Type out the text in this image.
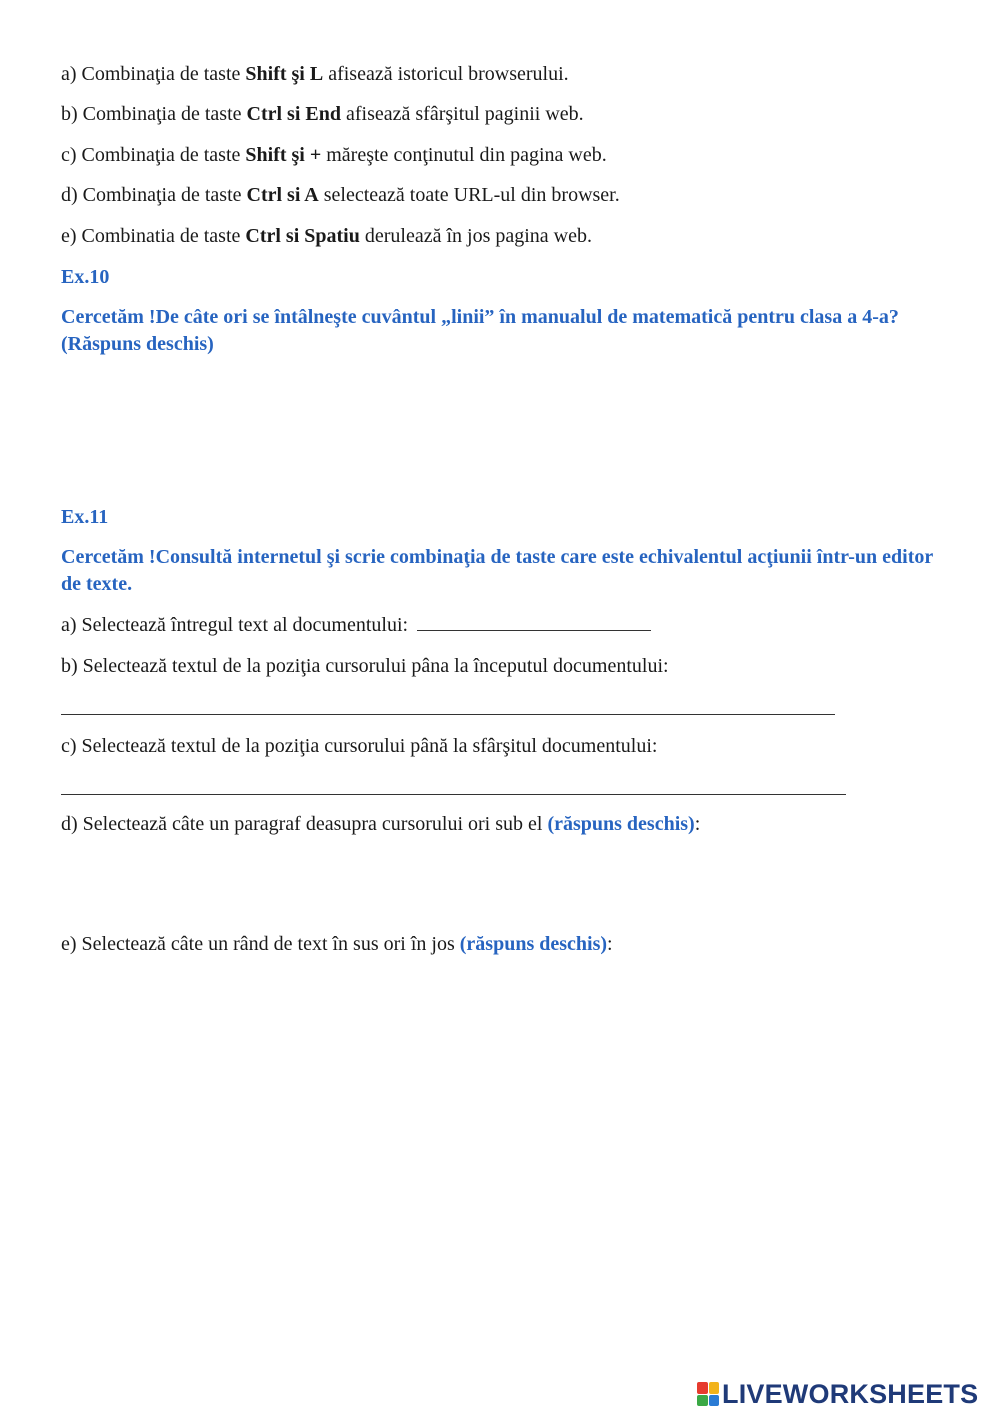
a) Combinaţia de taste Shift şi L afisează istoricul browserului.
b) Combinaţia de taste Ctrl si End afisează sfârşitul paginii web.
c) Combinaţia de taste Shift şi + măreşte conţinutul din pagina web.
d) Combinaţia de taste Ctrl si A selectează toate URL-ul din browser.
e) Combinatia de taste Ctrl si Spatiu derulează în jos pagina web.
Ex.10
Cercetăm !De câte ori se întâlneşte cuvântul „linii” în manualul de matematică pentru clasa a 4-a? (Răspuns deschis)
Ex.11
Cercetăm !Consultă internetul şi scrie combinaţia de taste care este echivalentul acţiunii într-un editor de texte.
a) Selectează întregul text al documentului:
b) Selectează textul de la poziţia cursorului pâna la începutul documentului:
c) Selectează textul de la poziţia cursorului până la sfârşitul documentului:
d) Selectează câte un paragraf deasupra cursorului ori sub el (răspuns deschis):
e) Selectează câte un rând de text în sus ori în jos (răspuns deschis):
LIVEWORKSHEETS
